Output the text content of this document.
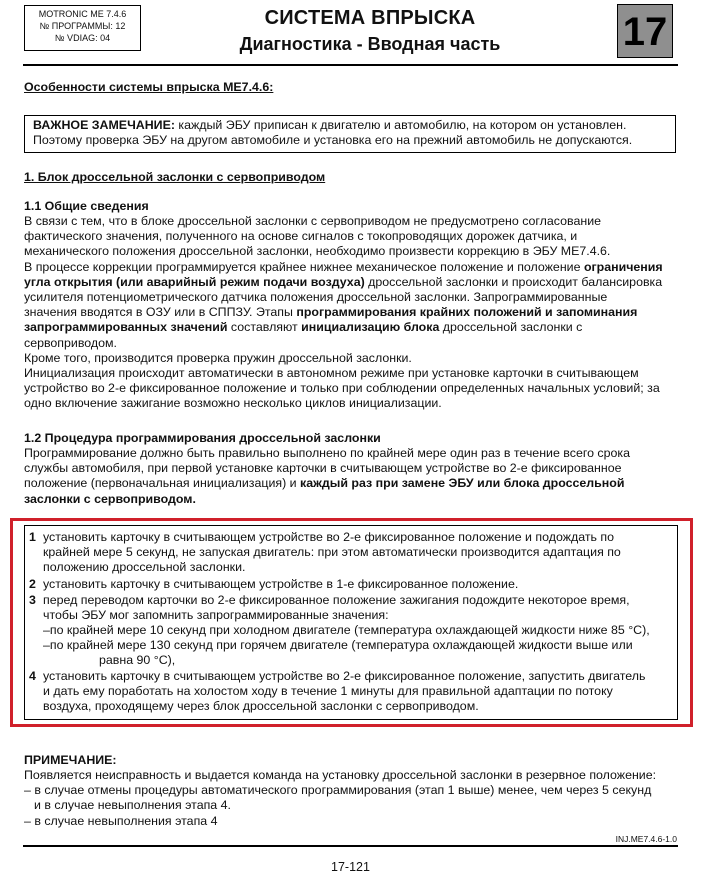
MOTRONIC ME 7.4.6
№ ПРОГРАММЫ: 12
№ VDIAG: 04
СИСТЕМА ВПРЫСКА
Диагностика - Вводная часть	17
Особенности системы впрыска ME7.4.6:

ВАЖНОЕ ЗАМЕЧАНИЕ: каждый ЭБУ приписан к двигателю и автомобилю, на котором он установлен.

Поэтому проверка ЭБУ на другом автомобиле и установка его на прежний автомобиль не допускаются.

1. Блок дроссельной заслонки с сервоприводом
1.1 Общие сведения
В связи с тем, что в блоке дроссельной заслонки с сервоприводом не предусмотрено согласование
фактического значения, полученного на основе сигналов с токопроводящих дорожек датчика, и
механического положения дроссельной заслонки, необходимо произвести коррекцию в ЭБУ ME7.4.6.
В процессе коррекции программируется крайнее нижнее механическое положение и положение ограничения
угла открытия (или аварийный режим подачи воздуха) дроссельной заслонки и происходит балансировка
усилителя потенциометрического датчика положения дроссельной заслонки. Запрограммированные
значения вводятся в ОЗУ или в СППЗУ. Этапы программирования крайних положений и запоминания
запрограммированных значений составляют инициализацию блока дроссельной заслонки с
сервоприводом.
Кроме того, производится проверка пружин дроссельной заслонки.
Инициализация происходит автоматически в автономном режиме при установке карточки в считывающем
устройство во 2-е фиксированное положение и только при соблюдении определенных начальных условий; за
одно включение зажигание возможно несколько циклов инициализации.
1.2 Процедура программирования дроссельной заслонки
Программирование должно быть правильно выполнено по крайней мере один раз в течение всего срока
службы автомобиля, при первой установке карточки в считывающем устройстве во 2-е фиксированное
положение (первоначальная инициализация) и каждый раз при замене ЭБУ или блока дроссельной
заслонки с сервоприводом.
1 установить карточку в считывающем устройстве во 2-е фиксированное положение и подождать по
крайней мере 5 секунд, не запуская двигатель: при этом автоматически производится адаптация по
положению дроссельной заслонки.
2 установить карточку в считывающем устройстве в 1-е фиксированное положение.
3 перед переводом карточки во 2-е фиксированное положение зажигания подождите некоторое время,
чтобы ЭБУ мог запомнить запрограммированные значения:
–по крайней мере 10 секунд при холодном двигателе (температура охлаждающей жидкости ниже 85 °С),
–по крайней мере 130 секунд при горячем двигателе (температура охлаждающей жидкости выше или
равна 90 °С),
4 установить карточку в считывающем устройстве во 2-е фиксированное положение, запустить двигатель
и дать ему поработать на холостом ходу в течение 1 минуты для правильной адаптации по потоку
воздуха, проходящему через блок дроссельной заслонки с сервоприводом.
ПРИМЕЧАНИЕ:
Появляется неисправность и выдается команда на установку дроссельной заслонки в резервное положение:
– в случае отмены процедуры автоматического программирования (этап 1 выше) менее, чем через 5 секунд
и в случае невыполнения этапа 4.
– в случае невыполнения этапа 4
INJ.ME7.4.6-1.0
17-121
